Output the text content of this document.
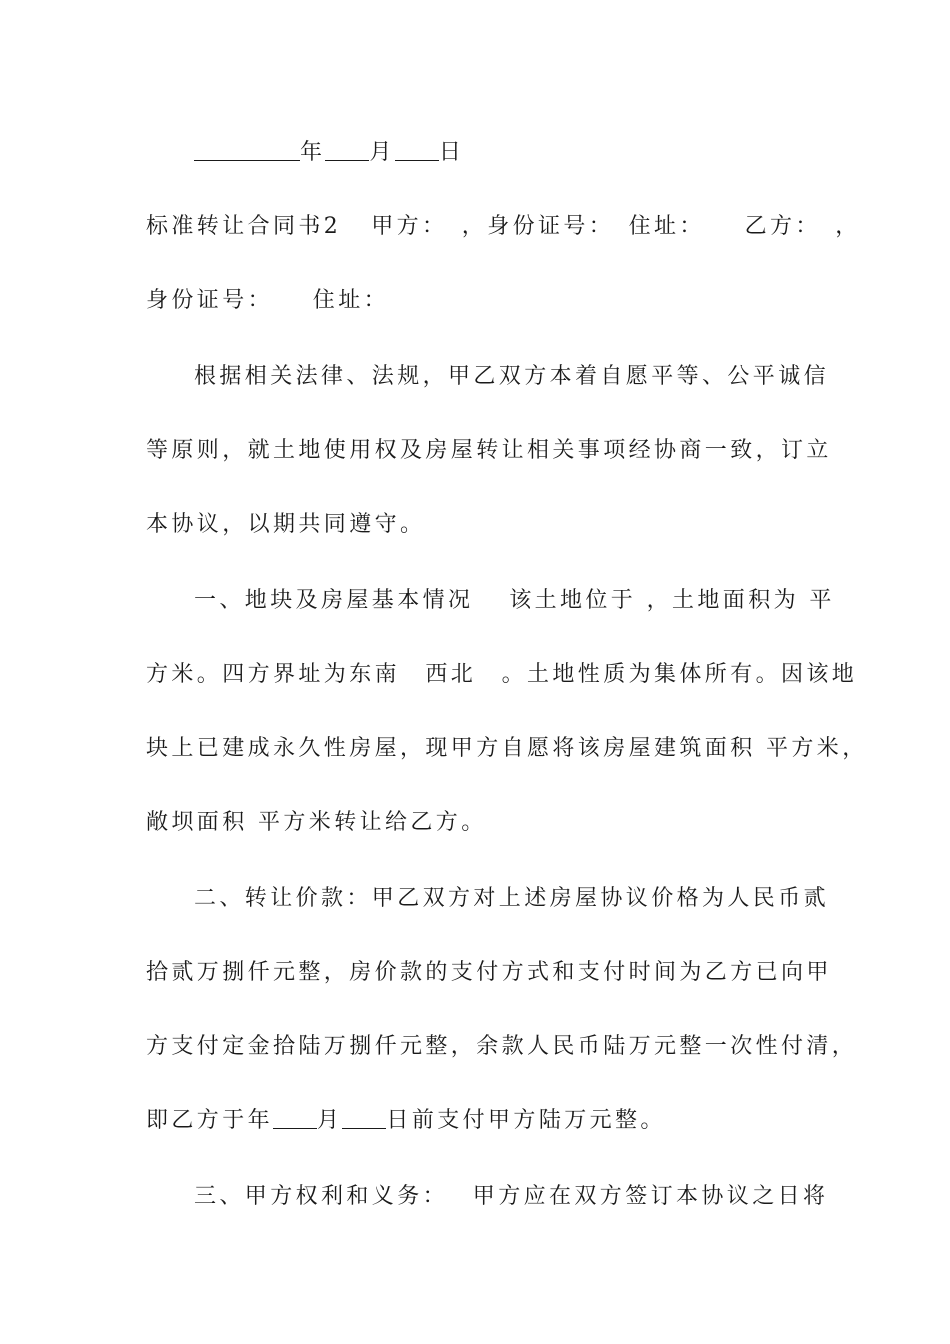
年 月 日
标准转让合同书2 甲方：　，身份证号：　住址：　　乙方：　，
身份证号：　　住址：
根据相关法律、法规，甲乙双方本着自愿平等、公平诚信
等原则，就土地使用权及房屋转让相关事项经协商一致，订立
本协议，以期共同遵守。
一、地块及房屋基本情况　 该土地位于 ，土地面积为 平
方米。四方界址为东南　西北　。土地性质为集体所有。因该地
块上已建成永久性房屋，现甲方自愿将该房屋建筑面积 平方米，
敞坝面积 平方米转让给乙方。
二、转让价款：甲乙双方对上述房屋协议价格为人民币贰
拾贰万捌仟元整，房价款的支付方式和支付时间为乙方已向甲
方支付定金拾陆万捌仟元整，余款人民币陆万元整一次性付清，
即乙方于年 月 日前支付甲方陆万元整。
三、甲方权利和义务：　 甲方应在双方签订本协议之日将
